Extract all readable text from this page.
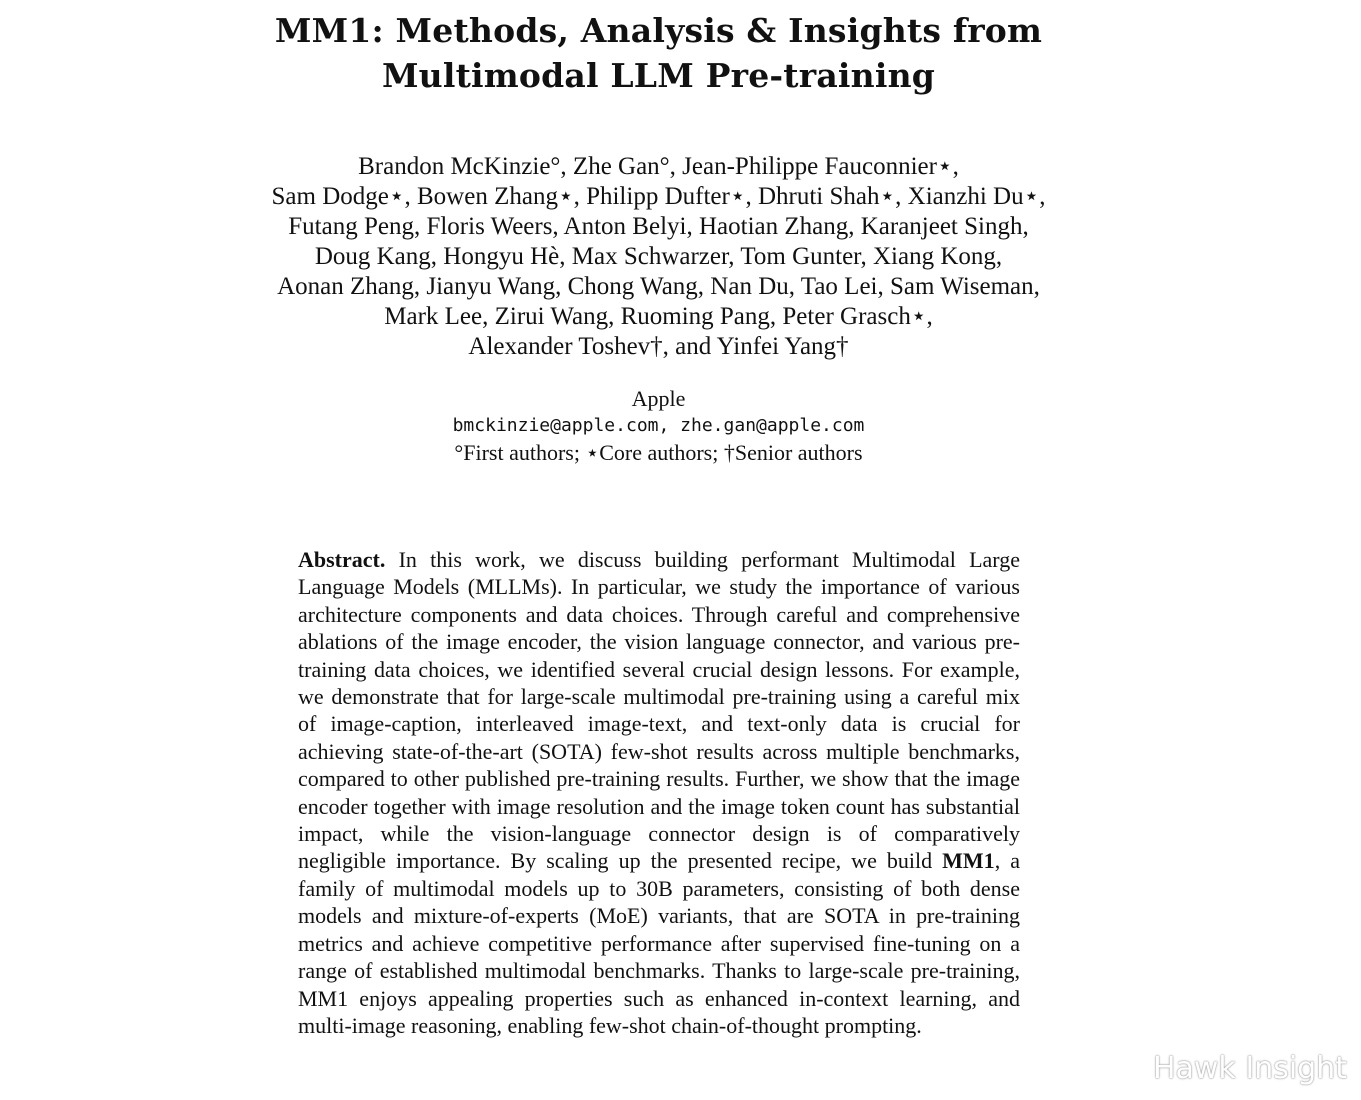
MM1: Methods, Analysis & Insights from
Multimodal LLM Pre-training
Brandon McKinzie°, Zhe Gan°, Jean-Philippe Fauconnier⋆,
Sam Dodge⋆, Bowen Zhang⋆, Philipp Dufter⋆, Dhruti Shah⋆, Xianzhi Du⋆,
Futang Peng, Floris Weers, Anton Belyi, Haotian Zhang, Karanjeet Singh,
Doug Kang, Hongyu Hè, Max Schwarzer, Tom Gunter, Xiang Kong,
Aonan Zhang, Jianyu Wang, Chong Wang, Nan Du, Tao Lei, Sam Wiseman,
Mark Lee, Zirui Wang, Ruoming Pang, Peter Grasch⋆,
Alexander Toshev†, and Yinfei Yang†
Apple
bmckinzie@apple.com, zhe.gan@apple.com
°First authors; ⋆Core authors; †Senior authors
Abstract. In this work, we discuss building performant Multimodal Large Language Models (MLLMs). In particular, we study the importance of various architecture components and data choices. Through careful and comprehensive ablations of the image encoder, the vision language connector, and various pre-training data choices, we identified several crucial design lessons. For example, we demonstrate that for large-scale multimodal pre-training using a careful mix of image-caption, interleaved image-text, and text-only data is crucial for achieving state-of-the-art (SOTA) few-shot results across multiple benchmarks, compared to other published pre-training results. Further, we show that the image encoder together with image resolution and the image token count has substantial impact, while the vision-language connector design is of comparatively negligible importance. By scaling up the presented recipe, we build MM1, a family of multimodal models up to 30B parameters, consisting of both dense models and mixture-of-experts (MoE) variants, that are SOTA in pre-training metrics and achieve competitive performance after supervised fine-tuning on a range of established multimodal benchmarks. Thanks to large-scale pre-training, MM1 enjoys appealing properties such as enhanced in-context learning, and multi-image reasoning, enabling few-shot chain-of-thought prompting.
Hawk Insight
